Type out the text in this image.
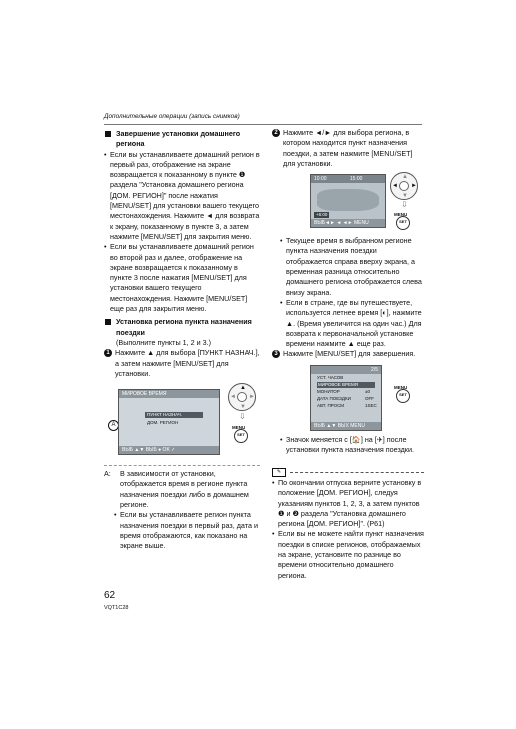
Дополнительные операции (запись снимков)
Завершение установки домашнего региона
• Если вы устанавливаете домашний регион в первый раз, отображение на экране возвращается к показанному в пункте ❶ раздела "Установка домашнего региона [ДОМ. РЕГИОН]" после нажатия [MENU/SET] для установки вашего текущего местонахождения. Нажмите ◄ для возврата к экрану, показанному в пункте 3, а затем нажмите [MENU/SET] для закрытия меню.
• Если вы устанавливаете домашний регион во второй раз и далее, отображение на экране возвращается к показанному в пункте 3 после нажатия [MENU/SET] для установки вашего текущего местонахождения. Нажмите [MENU/SET] еще раз для закрытия меню.
Установка региона пункта назначения поездки
(Выполните пункты 1, 2 и 3.)
1 Нажмите ▲ для выбора [ПУНКТ НАЗНАЧ.], а затем нажмите [MENU/SET] для установки.
A
МИРОВОЕ ВРЕМЯ
ПУНКТ НАЗНАЧ.
ДОМ. РЕГИОН
ВЫБ ▲▼ ВЫБ ● OK ✓
▲
▼
◄ ►
⇩
MENU
SET
A: В зависимости от установки, отображается время в регионе пункта назначения поездки либо в домашнем регионе.
• Если вы устанавливаете регион пункта назначения поездки в первый раз, дата и время отображаются, как показано на экране выше.
2 Нажмите ◄/► для выбора региона, в котором находится пункт назначения поездки, а затем нажмите [MENU/SET] для установки.
10:00	15:00
+6:00
ВЫБ◄► ◄ ◄► MENU
▲
▼
◄ ►
⇩
MENU
SET
• Текущее время в выбранном регионе пункта назначения поездки отображается справа вверху экрана, а временная разница относительно домашнего региона отображается слева внизу экрана.
• Если в стране, где вы путешествуете, используется летнее время [◐], нажмите ▲. (Время увеличится на один час.) Для возврата к первоначальной установке времени нажмите ▲ еще раз.
3 Нажмите [MENU/SET] для завершения.
2/5
УСТ. ЧАСОВ
МИРОВОЕ ВРЕМЯ
МОНИТОР	±0
ДАТА ПОЕЗДКИ	OFF
АВТ. ПРОСМ	1SEC
ВЫБ ▲▼ ВЫХ MENU
MENU
SET
• Значок меняется с [🏠] на [✈] после установки пункта назначения поездки.
✎
• По окончании отпуска верните установку в положение [ДОМ. РЕГИОН], следуя указаниям пунктов 1, 2, 3, а затем пунктов ❶ и ❷ раздела "Установка домашнего региона [ДОМ. РЕГИОН]". (P61)
• Если вы не можете найти пункт назначения поездки в списке регионов, отображаемых на экране, установите по разнице во времени относительно домашнего региона.
62
VQT1C28
